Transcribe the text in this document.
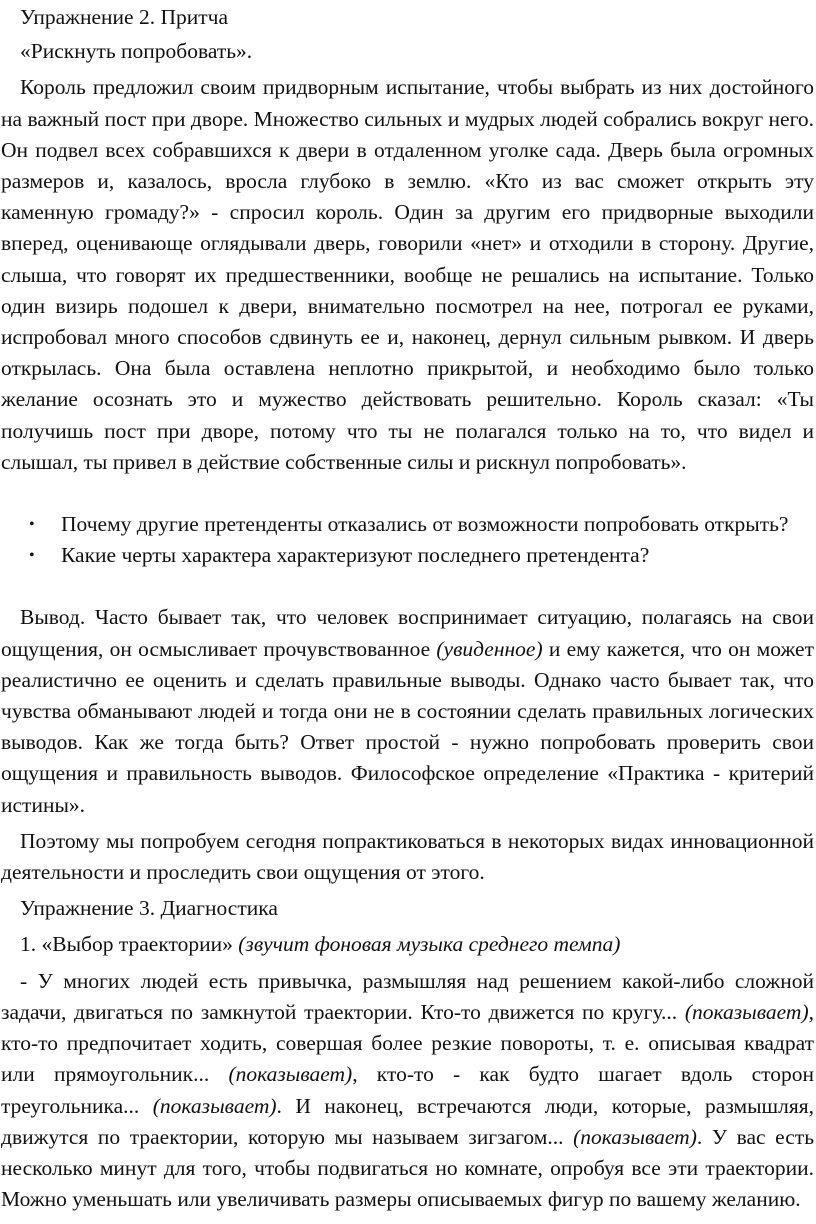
Упражнение 2. Притча

«Рискнуть попробовать».

Король предложил своим придворным испытание, чтобы выбрать из них достойного на важный пост при дворе. Множество сильных и мудрых людей собрались вокруг него. Он подвел всех собравшихся к двери в отдаленном уголке сада. Дверь была огромных размеров и, казалось, вросла глубоко в землю. «Кто из вас сможет открыть эту каменную громаду?» - спросил король. Один за другим его придворные выходили вперед, оценивающе оглядывали дверь, говорили «нет» и отходили в сторону. Другие, слыша, что говорят их предшественники, вообще не решались на испытание. Только один визирь подошел к двери, внимательно посмотрел на нее, потрогал ее руками, испробовал много способов сдвинуть ее и, наконец, дернул сильным рывком. И дверь открылась. Она была оставлена неплотно прикрытой, и необходимо было только желание осознать это и мужество действовать решительно. Король сказал: «Ты получишь пост при дворе, потому что ты не полагался только на то, что видел и слышал, ты привел в действие собственные силы и рискнул попробовать».

• Почему другие претенденты отказались от возможности попробовать открыть?
• Какие черты характера характеризуют последнего претендента?

Вывод. Часто бывает так, что человек воспринимает ситуацию, полагаясь на свои ощущения, он осмысливает прочувствованное (увиденное) и ему кажется, что он может реалистично ее оценить и сделать правильные выводы. Однако часто бывает так, что чувства обманывают людей и тогда они не в состоянии сделать правильных логических выводов. Как же тогда быть? Ответ простой - нужно попробовать проверить свои ощущения и правильность выводов. Философское определение «Практика - критерий истины».

Поэтому мы попробуем сегодня попрактиковаться в некоторых видах инновационной деятельности и проследить свои ощущения от этого.

Упражнение 3. Диагностика

1. «Выбор траектории» (звучит фоновая музыка среднего темпа)

- У многих людей есть привычка, размышляя над решением какой-либо сложной задачи, двигаться по замкнутой траектории. Кто-то движется по кругу... (показывает), кто-то предпочитает ходить, совершая более резкие повороты, т. е. описывая квадрат или прямоугольник... (показывает), кто-то - как будто шагает вдоль сторон треугольника... (показывает). И наконец, встречаются люди, которые, размышляя, движутся по траектории, которую мы называем зигзагом... (показывает). У вас есть несколько минут для того, чтобы подвигаться но комнате, опробуя все эти траектории. Можно уменьшать или увеличивать размеры описываемых фигур по вашему желанию.
